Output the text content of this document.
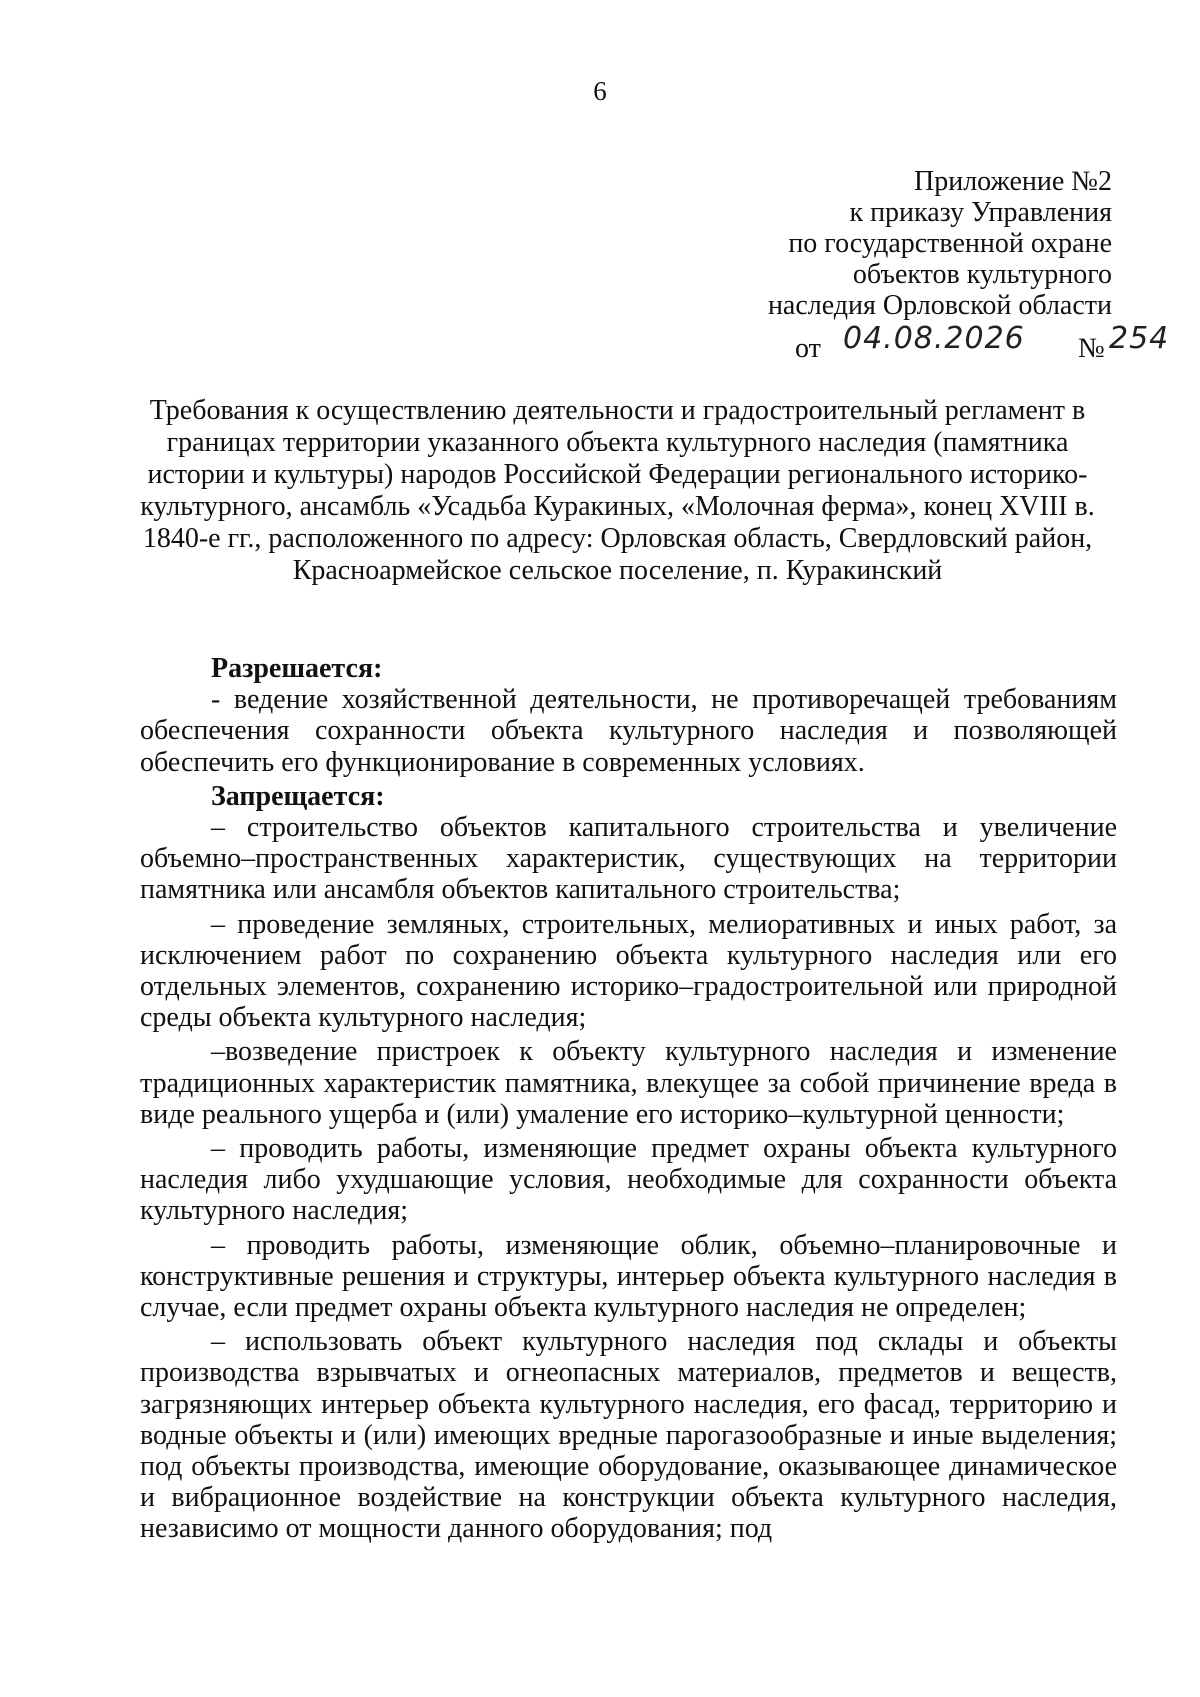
6
Приложение №2
к приказу Управления
по государственной охране
объектов культурного
наследия Орловской области
от 04.08.2026 № 254
Требования к осуществлению деятельности и градостроительный регламент в
границах территории указанного объекта культурного наследия (памятника
истории и культуры) народов Российской Федерации регионального историко-
культурного, ансамбль «Усадьба Куракиных, «Молочная ферма», конец XVIII в.
1840-е гг., расположенного по адресу: Орловская область, Свердловский район,
Красноармейское сельское поселение, п. Куракинский

Разрешается:

- ведение хозяйственной деятельности, не противоречащей требованиям обеспечения сохранности объекта культурного наследия и позволяющей обеспечить его функционирование в современных условиях.

Запрещается:

– строительство объектов капитального строительства и увеличение объемно–пространственных характеристик, существующих на территории памятника или ансамбля объектов капитального строительства;

– проведение земляных, строительных, мелиоративных и иных работ, за исключением работ по сохранению объекта культурного наследия или его отдельных элементов, сохранению историко–градостроительной или природной среды объекта культурного наследия;

–возведение пристроек к объекту культурного наследия и изменение традиционных характеристик памятника, влекущее за собой причинение вреда в виде реального ущерба и (или) умаление его историко–культурной ценности;

– проводить работы, изменяющие предмет охраны объекта культурного наследия либо ухудшающие условия, необходимые для сохранности объекта культурного наследия;

– проводить работы, изменяющие облик, объемно–планировочные и конструктивные решения и структуры, интерьер объекта культурного наследия в случае, если предмет охраны объекта культурного наследия не определен;

– использовать объект культурного наследия под склады и объекты производства взрывчатых и огнеопасных материалов, предметов и веществ, загрязняющих интерьер объекта культурного наследия, его фасад, территорию и водные объекты и (или) имеющих вредные парогазообразные и иные выделения; под объекты производства, имеющие оборудование, оказывающее динамическое и вибрационное воздействие на конструкции объекта культурного наследия, независимо от мощности данного оборудования; под
